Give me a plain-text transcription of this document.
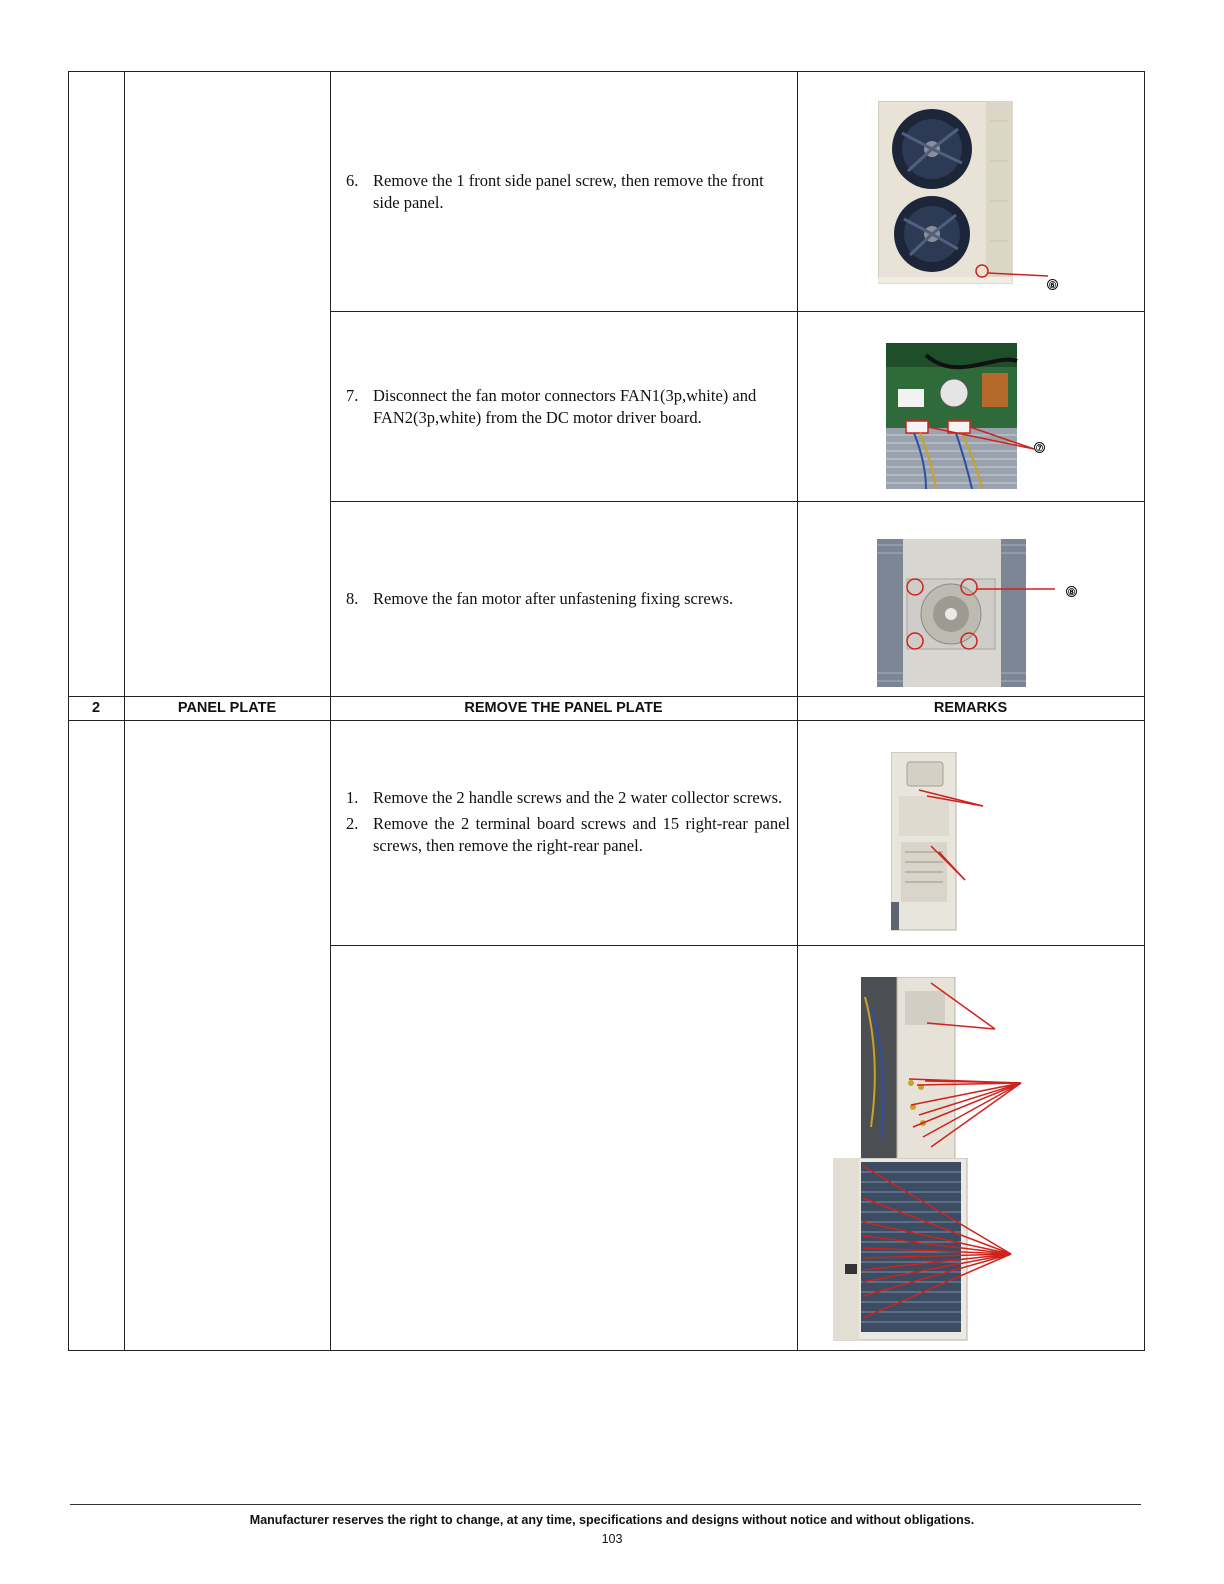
6. Remove the 1 front side panel screw, then remove the front side panel.
7. Disconnect the fan motor connectors FAN1(3p,white) and FAN2(3p,white) from the DC motor driver board.
8. Remove the fan motor after unfastening fixing screws.
2	PANEL PLATE	REMOVE THE PANEL PLATE	REMARKS
1. Remove the 2 handle screws and the 2 water collector screws.
2. Remove the 2 terminal board screws and 15 right-rear panel screws, then remove the right-rear panel.
⑥
⑦
⑧
Manufacturer reserves the right to change, at any time, specifications and designs without notice and without obligations.
103
